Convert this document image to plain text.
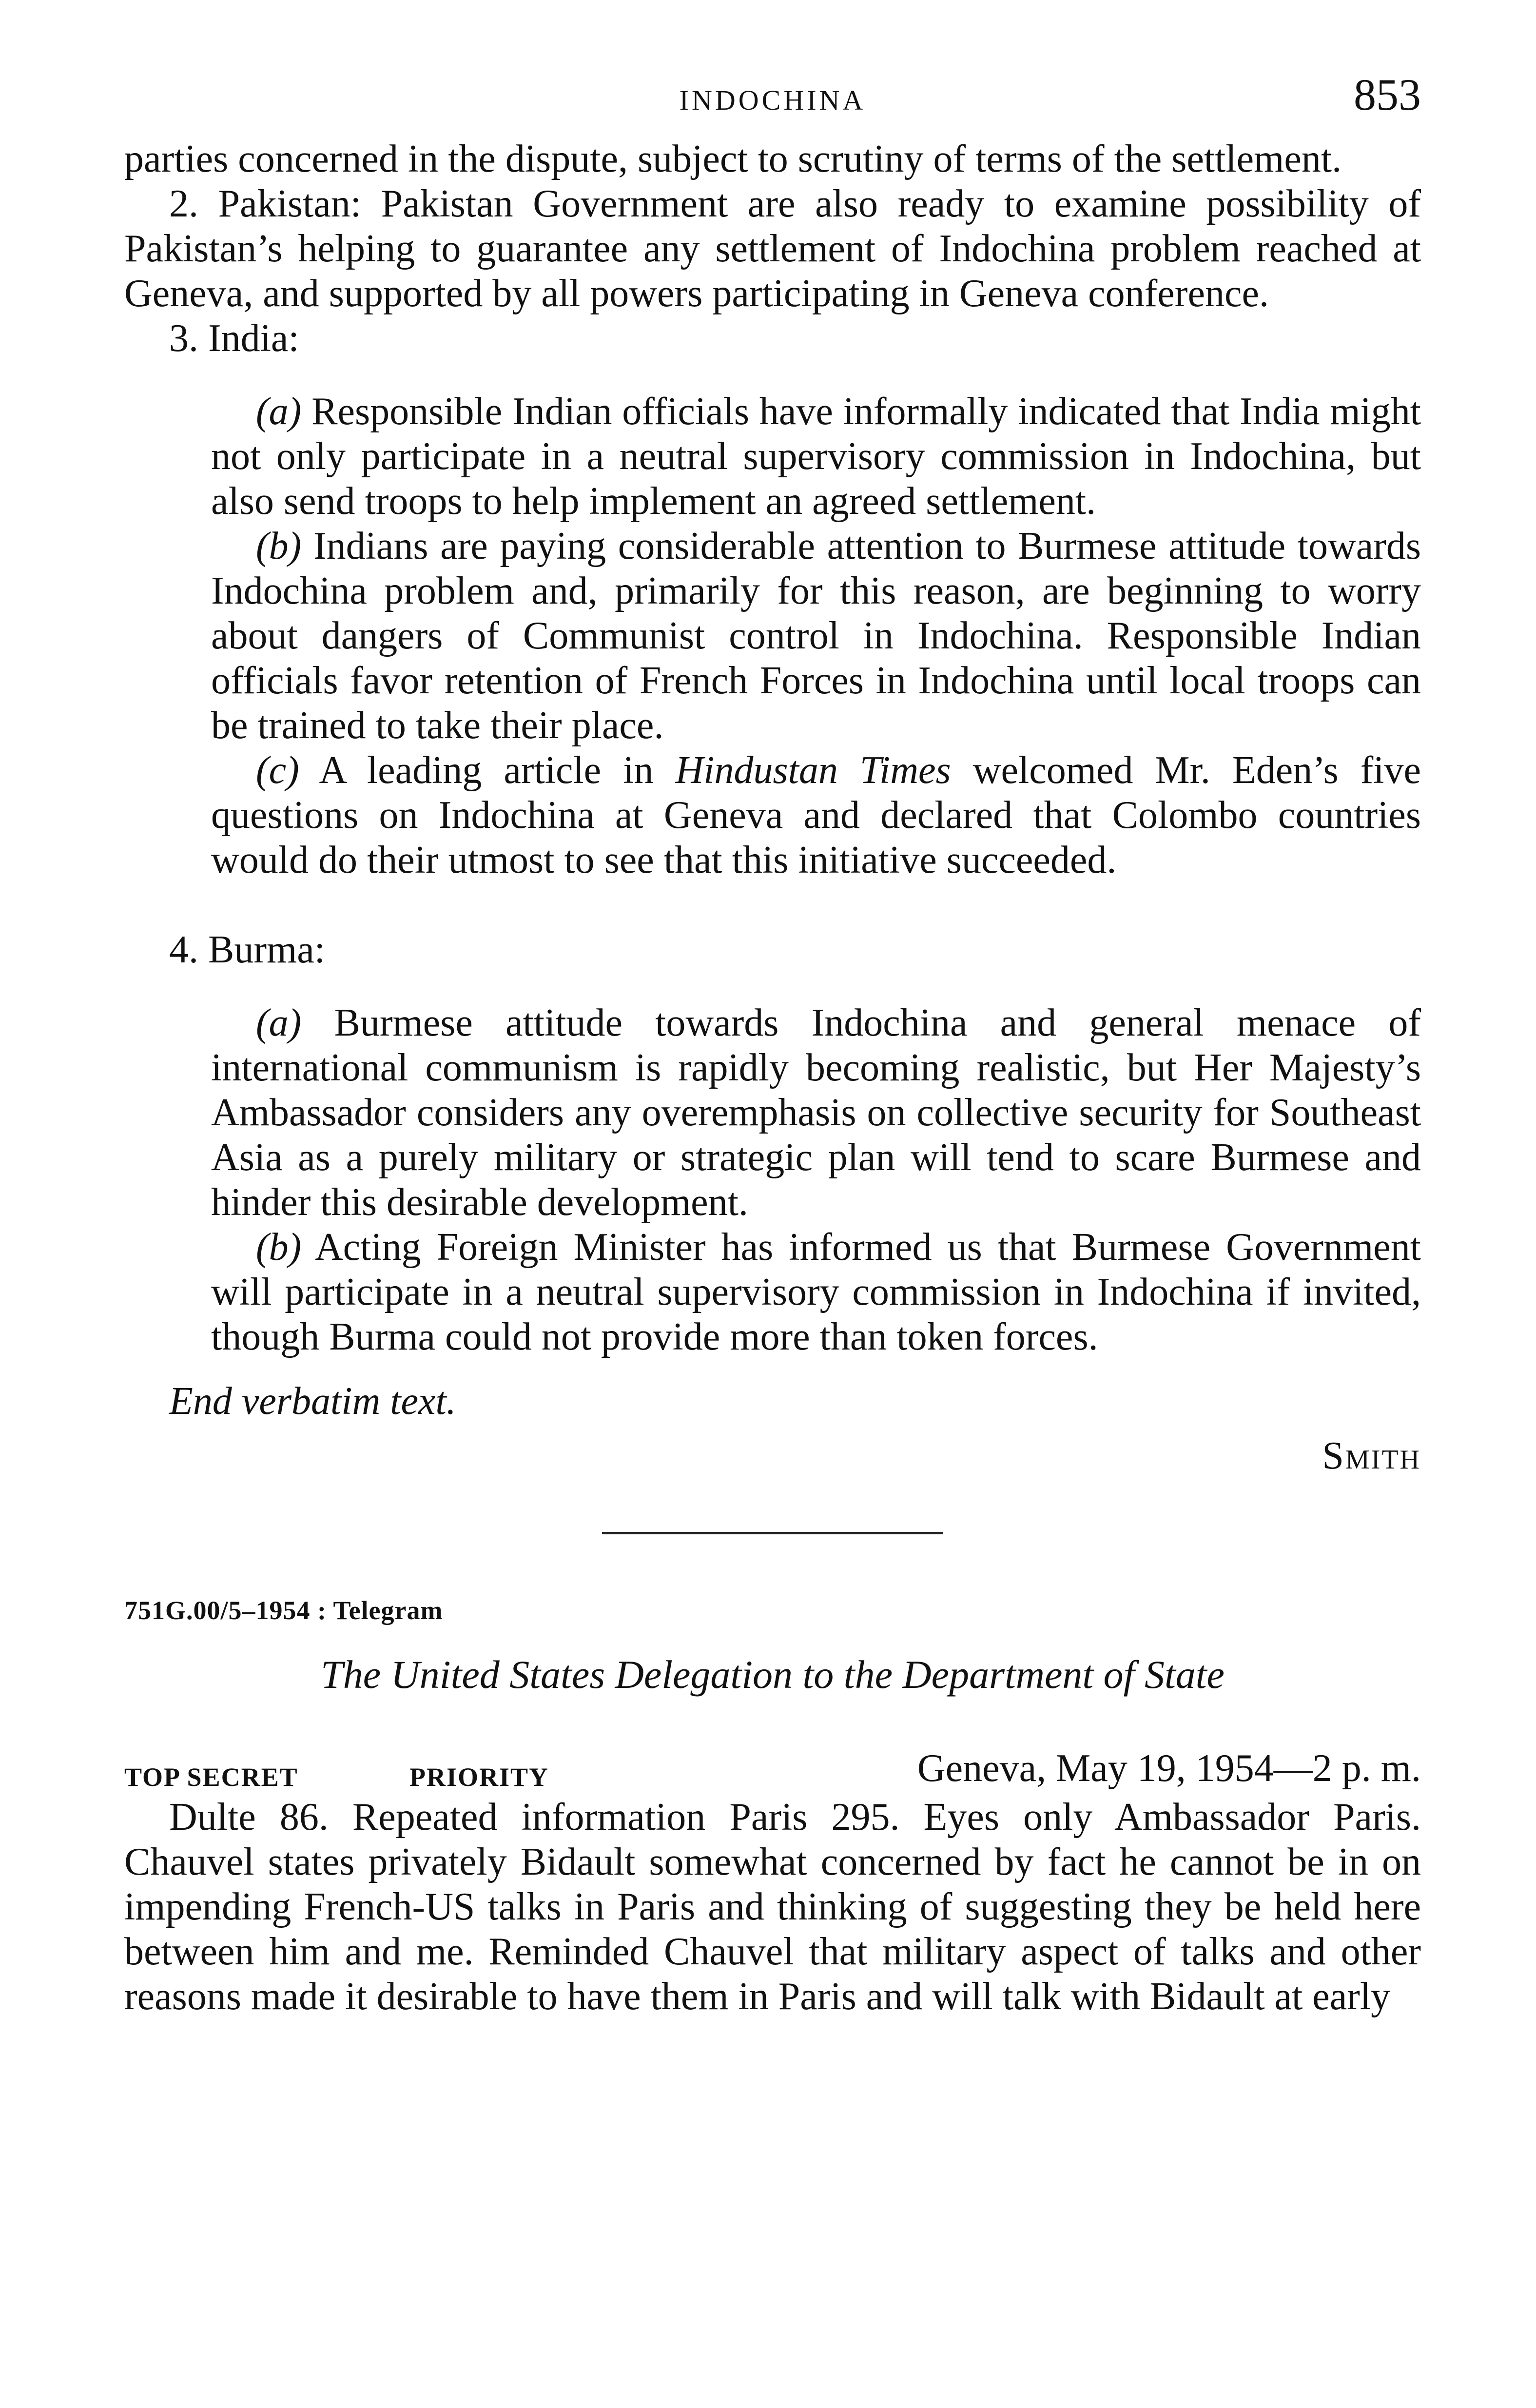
INDOCHINA	853

parties concerned in the dispute, subject to scrutiny of terms of the settlement.

2. Pakistan: Pakistan Government are also ready to examine possibility of Pakistan’s helping to guarantee any settlement of Indochina problem reached at Geneva, and supported by all powers participating in Geneva conference.

3. India:

(a) Responsible Indian officials have informally indicated that India might not only participate in a neutral supervisory commission in Indochina, but also send troops to help implement an agreed settlement.

(b) Indians are paying considerable attention to Burmese attitude towards Indochina problem and, primarily for this reason, are beginning to worry about dangers of Communist control in Indochina. Responsible Indian officials favor retention of French Forces in Indochina until local troops can be trained to take their place.

(c) A leading article in Hindustan Times welcomed Mr. Eden’s five questions on Indochina at Geneva and declared that Colombo countries would do their utmost to see that this initiative succeeded.

4. Burma:

(a) Burmese attitude towards Indochina and general menace of international communism is rapidly becoming realistic, but Her Majesty’s Ambassador considers any overemphasis on collective security for Southeast Asia as a purely military or strategic plan will tend to scare Burmese and hinder this desirable development.

(b) Acting Foreign Minister has informed us that Burmese Government will participate in a neutral supervisory commission in Indochina if invited, though Burma could not provide more than token forces.

End verbatim text.

Smith

751G.00/5–1954 : Telegram

The United States Delegation to the Department of State

TOP SECRET	PRIORITY	Geneva, May 19, 1954—2 p. m.

Dulte 86. Repeated information Paris 295. Eyes only Ambassador Paris. Chauvel states privately Bidault somewhat concerned by fact he cannot be in on impending French-US talks in Paris and thinking of suggesting they be held here between him and me. Reminded Chauvel that military aspect of talks and other reasons made it desirable to have them in Paris and will talk with Bidault at early
